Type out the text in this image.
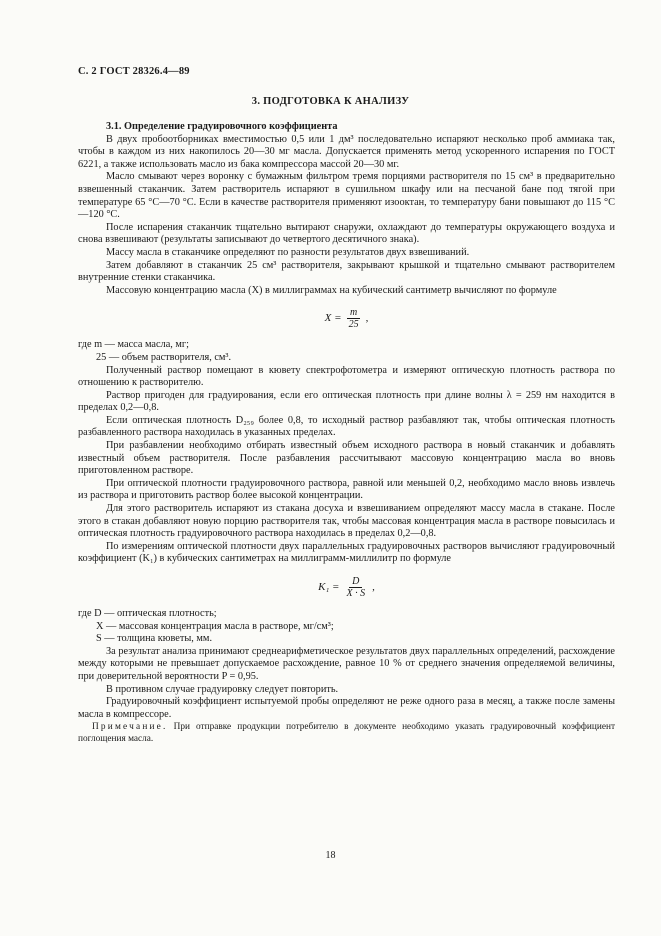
С. 2 ГОСТ 28326.4—89
3. ПОДГОТОВКА К АНАЛИЗУ

3.1. Определение градуировочного коэффициента

В двух пробоотборниках вместимостью 0,5 или 1 дм³ последовательно испаряют несколько проб аммиака так, чтобы в каждом из них накопилось 20—30 мг масла. Допускается применять метод ускоренного испарения по ГОСТ 6221, а также использовать масло из бака компрессора массой 20—30 мг.

Масло смывают через воронку с бумажным фильтром тремя порциями растворителя по 15 см³ в предварительно взвешенный стаканчик. Затем растворитель испаряют в сушильном шкафу или на песчаной бане под тягой при температуре 65 °С—70 °С. Если в качестве растворителя применяют изооктан, то температуру бани повышают до 115 °С—120 °С.

После испарения стаканчик тщательно вытирают снаружи, охлаждают до температуры окружающего воздуха и снова взвешивают (результаты записывают до четвертого десятичного знака).

Массу масла в стаканчике определяют по разности результатов двух взвешиваний.

Затем добавляют в стаканчик 25 см³ растворителя, закрывают крышкой и тщательно смывают растворителем внутренние стенки стаканчика.

Массовую концентрацию масла (X) в миллиграммах на кубический сантиметр вычисляют по формуле

$X = \frac{m}{25}$ ,

где m — масса масла, мг;

25 — объем растворителя, см³.

Полученный раствор помещают в кювету спектрофотометра и измеряют оптическую плотность раствора по отношению к растворителю.

Раствор пригоден для градуирования, если его оптическая плотность при длине волны λ = 259 нм находится в пределах 0,2—0,8.

Если оптическая плотность D₂₅₉ более 0,8, то исходный раствор разбавляют так, чтобы оптическая плотность разбавленного раствора находилась в указанных пределах.

При разбавлении необходимо отбирать известный объем исходного раствора в новый стаканчик и добавлять известный объем растворителя. После разбавления рассчитывают массовую концентрацию масла во вновь приготовленном растворе.

При оптической плотности градуировочного раствора, равной или меньшей 0,2, необходимо масло вновь извлечь из раствора и приготовить раствор более высокой концентрации.

Для этого растворитель испаряют из стакана досуха и взвешиванием определяют массу масла в стакане. После этого в стакан добавляют новую порцию растворителя так, чтобы массовая концентрация масла в растворе повысилась и оптическая плотность градуировочного раствора находилась в пределах 0,2—0,8.

По измерениям оптической плотности двух параллельных градуировочных растворов вычисляют градуировочный коэффициент (K₁) в кубических сантиметрах на миллиграмм-миллилитр по формуле

$K_1 = \frac{D}{X \cdot S}$ ,

где D — оптическая плотность;

X — массовая концентрация масла в растворе, мг/см³;

S — толщина кюветы, мм.

За результат анализа принимают среднеарифметическое результатов двух параллельных определений, расхождение между которыми не превышает допускаемое расхождение, равное 10 % от среднего значения определяемой величины, при доверительной вероятности P = 0,95.

В противном случае градуировку следует повторить.

Градуировочный коэффициент испытуемой пробы определяют не реже одного раза в месяц, а также после замены масла в компрессоре.

Примечание. При отправке продукции потребителю в документе необходимо указать градуировочный коэффициент поглощения масла.

18
